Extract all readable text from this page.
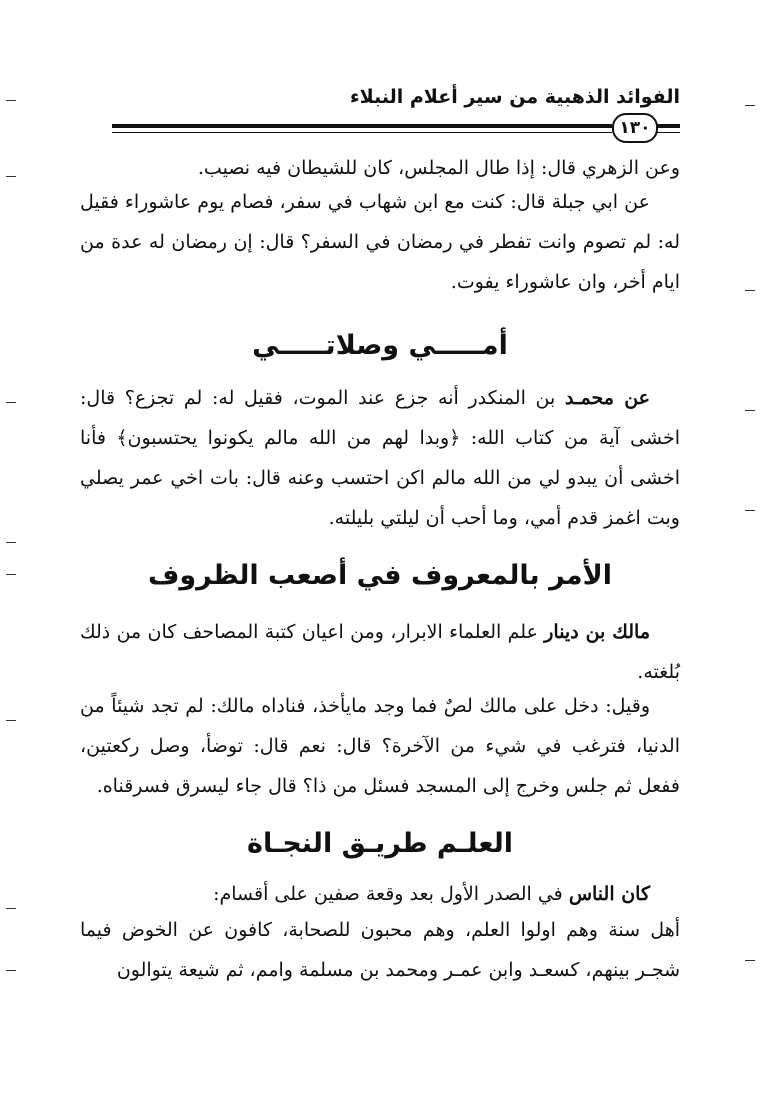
الفوائد الذهبية من سير أعلام النبلاء
١٣٠

وعن الزهري قال: إذا طال المجلس، كان للشيطان فيه نصيب.

عن ابي جبلة قال: كنت مع ابن شهاب في سفر، فصام يوم عاشوراء فقيل له: لم تصوم وانت تفطر في رمضان في السفر؟ قال: إن رمضان له عدة من ايام أخر، وان عاشوراء يفوت.

أمـــــي وصلاتـــــي

عن محمـد بن المنكدر أنه جزع عند الموت، فقيل له: لم تجزع؟ قال: اخشى آية من كتاب الله: ﴿وبدا لهم من الله مالم يكونوا يحتسبون﴾ فأنا اخشى أن يبدو لي من الله مالم اكن احتسب وعنه قال: بات اخي عمر يصلي وبت اغمز قدم أمي، وما أحب أن ليلتي بليلته.

الأمر بالمعروف في أصعب الظروف

مالك بن دينار علم العلماء الابرار، ومن اعيان كتبة المصاحف كان من ذلك بُلغته.

وقيل: دخل على مالك لصٌ فما وجد مايأخذ، فناداه مالك: لم تجد شيئاً من الدنيا، فترغب في شيء من الآخرة؟ قال: نعم قال: توضأ، وصل ركعتين، ففعل ثم جلس وخرج إلى المسجد فسئل من ذا؟ قال جاء ليسرق فسرقناه.

العلـم طريـق النجـاة

كان الناس في الصدر الأول بعد وقعة صفين على أقسام:

أهل سنة وهم اولوا العلم، وهم محبون للصحابة، كافون عن الخوض فيما شجـر بينهم، كسعـد وابن عمـر ومحمد بن مسلمة وامم، ثم شيعة يتوالون
